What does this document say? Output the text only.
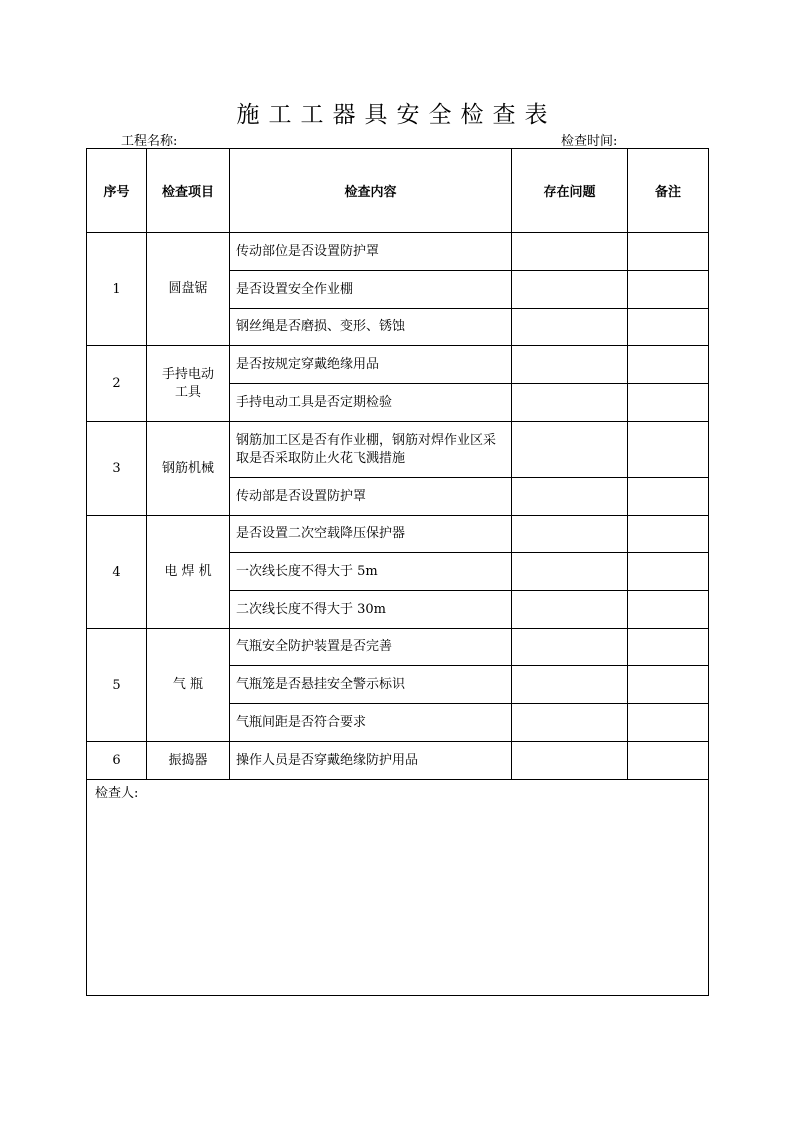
施工工器具安全检查表
工程名称:	检查时间:
序号	检查项目	检查内容	存在问题	备注
1	圆盘锯	传动部位是否设置防护罩		
		是否设置安全作业棚		
		钢丝绳是否磨损、变形、锈蚀		
2	手持电动工具	是否按规定穿戴绝缘用品		
		手持电动工具是否定期检验		
3	钢筋机械	钢筋加工区是否有作业棚，钢筋对焊作业区采取是否采取防止火花飞溅措施		
		传动部是否设置防护罩		
4	电 焊 机	是否设置二次空载降压保护器		
		一次线长度不得大于 5m		
		二次线长度不得大于 30m		
5	气 瓶	气瓶安全防护装置是否完善		
		气瓶笼是否悬挂安全警示标识		
		气瓶间距是否符合要求		
6	振捣器	操作人员是否穿戴绝缘防护用品		
检查人:				
